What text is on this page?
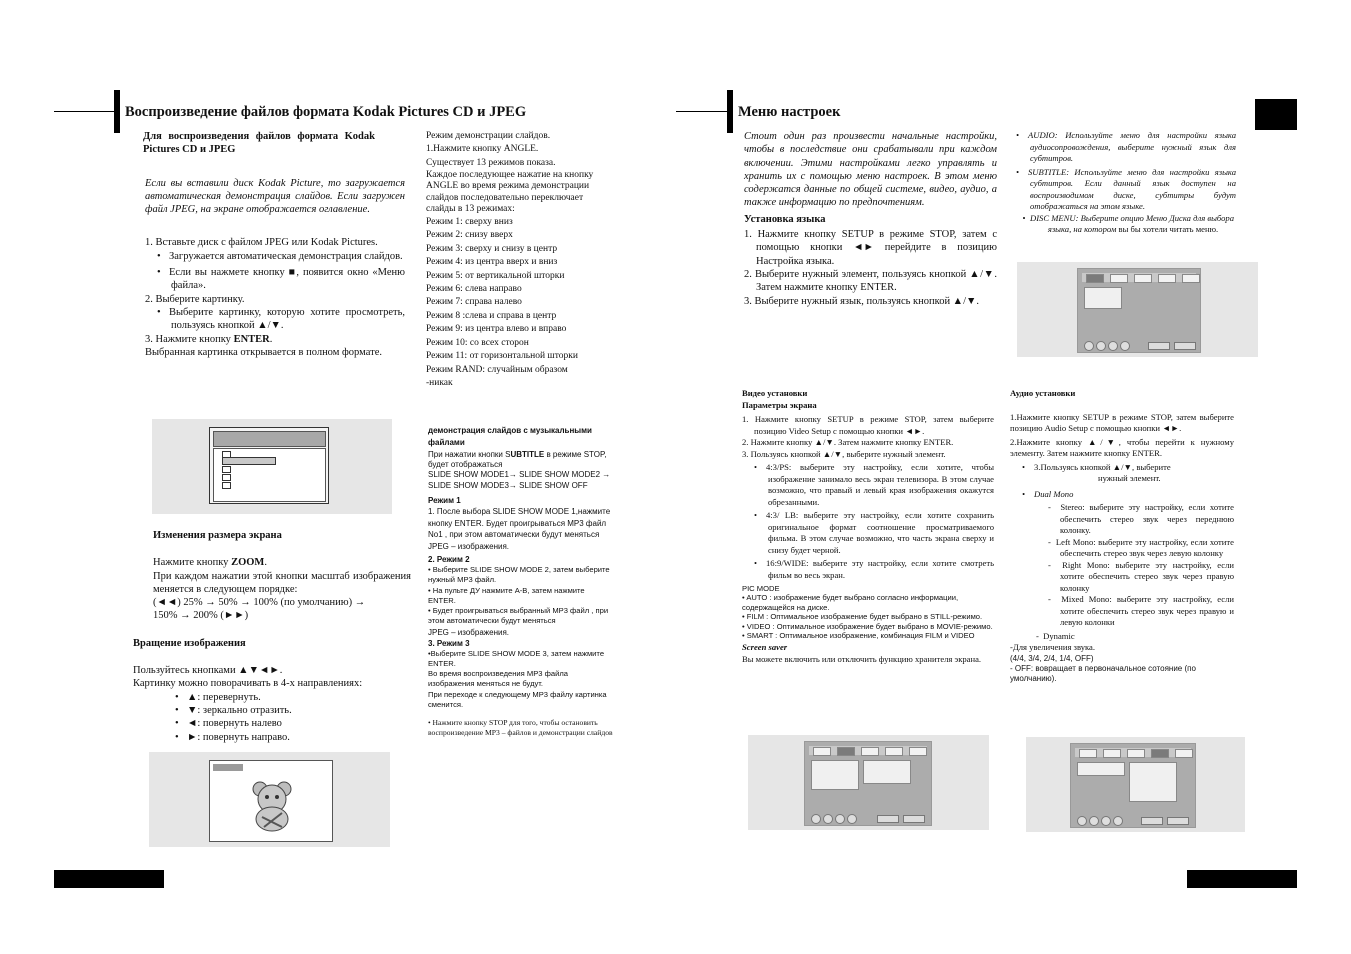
Воспроизведение файлов формата Kodak Pictures CD и JPEG

Для воспроизведения файлов формата Kodak Pictures CD и JPEG

Если вы вставили диск Kodak Picture, то загружается автоматическая демонстрация слайдов. Если загружен файл JPEG, на экране отображается оглавление.

1. Вставьте диск с файлом JPEG или Kodak Pictures.

• Загружается автоматическая демонстрация слайдов.
• Если вы нажмете кнопку ■, появится окно «Меню файла».

2. Выберите картинку.

• Выберите картинку, которую хотите просмотреть, пользуясь кнопкой ▲/▼.

3. Нажмите кнопку ENTER.

Выбранная картинка открывается в полном формате.

Изменения размера экрана

Нажмите кнопку ZOOM.

При каждом нажатии этой кнопки масштаб изображения меняется в следующем порядке:

(◄◄) 25% → 50% → 100% (по умолчанию) →

150% → 200% (►►)

Вращение изображения

Пользуйтесь кнопками ▲▼◄►.

Картинку можно поворачивать в 4-х направлениях:

• ▲: перевернуть.
• ▼: зеркально отразить.
• ◄: повернуть налево
• ►: повернуть направо.

Режим демонстрации слайдов.

1.Нажмите кнопку ANGLE.

Существует 13 режимов показа.

Каждое последующее нажатие на кнопку ANGLE во время режима демонстрации слайдов последовательно переключает слайды в 13 режимах:

Режим 1: сверху вниз

Режим 2: снизу вверх

Режим 3: сверху и снизу в центр

Режим 4: из центра вверх и вниз

Режим 5: от вертикальной шторки

Режим 6: слева направо

Режим 7: справа налево

Режим 8 :слева и справа в центр

Режим 9: из центра влево и вправо

Режим 10: со всех сторон

Режим 11: от горизонтальной шторки

Режим RAND: случайным образом

-никак

демонстрация слайдов с музыкальными файлами

При нажатии кнопки SUBTITLE в режиме STOP, будет отображаться

SLIDE SHOW MODE1→ SLIDE SHOW MODE2 → SLIDE SHOW MODE3→ SLIDE SHOW OFF

Режим 1

1. После выбора SLIDE SHOW MODE 1,нажмите кнопку ENTER. Будет проигрываться MP3 файл No1 , при этом автоматически будут меняться JPEG – изображения.

2. Режим 2

• Выберите SLIDE SHOW MODE 2, затем выберите нужный MP3 файл.

• На пульте ДУ нажмите A-B, затем нажмите ENTER.

• Будет проигрываться выбранный MP3 файл , при этом автоматически будут меняться

JPEG – изображения.

3. Режим 3

•Выберите SLIDE SHOW MODE 3, затем нажмите ENTER.

Во время воспроизведения MP3 файла изображения меняться не будут.

При переходе к следующему MP3 файлу картинка сменится.

• Нажмите кнопку STOP для того, чтобы остановить воспроизведение MP3 – файлов и демонстрации слайдов

Меню настроек

Стоит один раз произвести начальные настройки, чтобы в последствие они срабатывали при каждом включении. Этими настройками легко управлять и хранить их с помощью меню настроек. В этом меню содержатся данные по общей системе, видео, аудио, а также информацию по предпочтениям.

Установка языка

1. Нажмите кнопку SETUP в режиме STOP, затем с помощью кнопки ◄► перейдите в позицию Настройка языка.

2. Выберите нужный элемент, пользуясь кнопкой ▲/▼. Затем нажмите кнопку ENTER.

3. Выберите нужный язык, пользуясь кнопкой ▲/▼.

• AUDIO: Используйте меню для настройки языка аудиосопровождения, выберите нужный язык для субтитров.
• SUBTITLE: Используйте меню для настройки языка субтитров. Если данный язык доступен на воспроизводимом диске, субтитры будут отображаться на этом языке.
• DISC MENU: Выберите опцию Меню Диска для выбора языка, на котором вы бы хотели читать меню.

Видео установки

Параметры экрана

1. Нажмите кнопку SETUP в режиме STOP, затем выберите позицию Video Setup с помощью кнопки ◄►.

2. Нажмите кнопку ▲/▼. Затем нажмите кнопку ENTER.

3. Пользуясь кнопкой ▲/▼, выберите нужный элемент.

• 4:3/PS: выберите эту настройку, если хотите, чтобы изображение занимало весь экран телевизора. В этом случае возможно, что правый и левый края изображения окажутся обрезанными.
• 4:3/ LB: выберите эту настройку, если хотите сохранить оригинальное формат соотношение просматриваемого фильма. В этом случае возможно, что часть экрана сверху и снизу будет черной.
• 16:9/WIDE: выберите эту настройку, если хотите смотреть фильм во весь экран.

PIC MODE

• AUTO : изображение будет выбрано согласно информации, содержащейся на диске.

• FILM : Оптимальное изображение будет выбрано в STILL-режимо.

• VIDEO : Оптимальное изображение будет выбрано в MOVIE-режимо.

• SMART : Оптимальное изображение, комбинация FILM и VIDEO

Screen saver

Вы можете включить или отключить функцию хранителя экрана.

Аудио установки

1.Нажмите кнопку SETUP в режиме STOP, затем выберите позицию Audio Setup с помощью кнопки ◄►.

2.Нажмите кнопку ▲/▼, чтобы перейти к нужному элементу. Затем нажмите кнопку ENTER.

• 3.Пользуясь кнопкой ▲/▼, выберите
нужный элемент.
• Dual Mono

-  Stereo: выберите эту настройку, если хотите обеспечить стерео звук через переднюю колонку.

-  Left Mono: выберите эту настройку, если хотите обеспечить стерео звук через левую колонку

-  Right Mono: выберите эту настройку, если хотите обеспечить стерео звук через правую колонку

-  Mixed Mono: выберите эту настройку, если хотите обеспечить стерео звук через правую и левую колонки

-  Dynamic

-Для увеличения звука.

(4/4, 3/4, 2/4, 1/4, OFF)

- OFF: вовращает в первоначальное сотояние (по умолчанию).
